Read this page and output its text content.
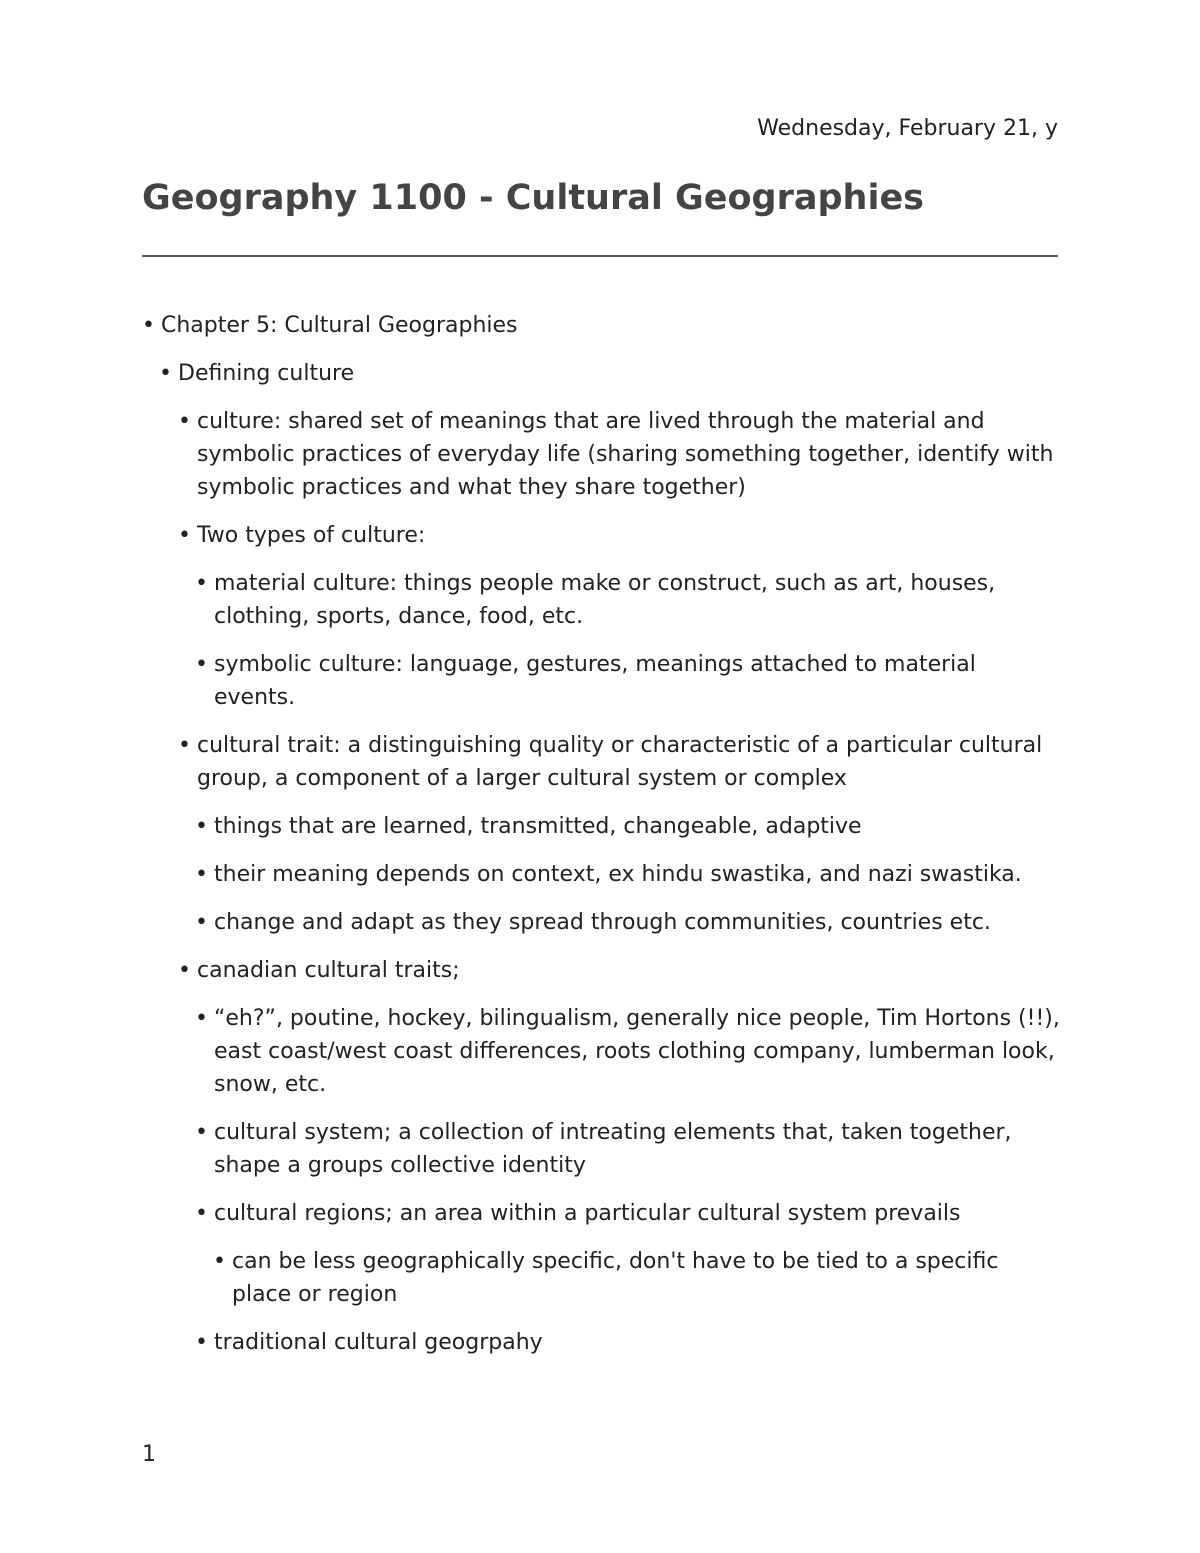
Wednesday, February 21, y
Geography 1100 - Cultural Geographies
• Chapter 5: Cultural Geographies
• Defining culture
• culture: shared set of meanings that are lived through the material and symbolic practices of everyday life (sharing something together, identify with symbolic practices and what they share together)
• Two types of culture:
• material culture: things people make or construct, such as art, houses, clothing, sports, dance, food, etc.
• symbolic culture: language, gestures, meanings attached to material events.
• cultural trait: a distinguishing quality or characteristic of a particular cultural group, a component of a larger cultural system or complex
• things that are learned, transmitted, changeable, adaptive
• their meaning depends on context, ex hindu swastika, and nazi swastika.
• change and adapt as they spread through communities, countries etc.
• canadian cultural traits;
• “eh?”, poutine, hockey, bilingualism, generally nice people, Tim Hortons (!!), east coast/west coast differences, roots clothing company, lumberman look, snow, etc.
• cultural system; a collection of intreating elements that, taken together, shape a groups collective identity
• cultural regions; an area within a particular cultural system prevails
• can be less geographically specific, don't have to be tied to a specific place or region
• traditional cultural geogrpahy
1
